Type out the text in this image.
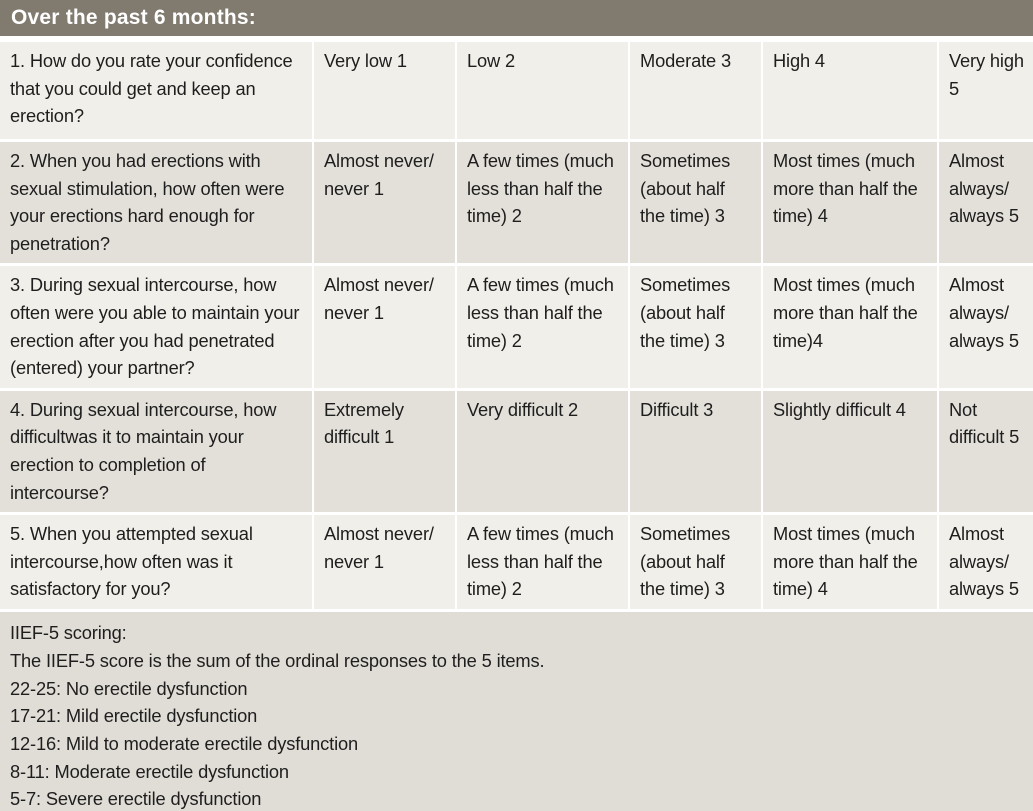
Over the past 6 months:
1. How do you rate your confidence that you could get and keep an erection?	Very low 1	Low 2	Moderate 3	High 4	Very high 5
2. When you had erections with sexual stimulation, how often were your erections hard enough for penetration?	Almost never/ never 1	A few times (much less than half the time) 2	Sometimes (about half the time) 3	Most times (much more than half the time) 4	Almost always/ always 5
3. During sexual intercourse, how often were you able to maintain your erection after you had penetrated (entered) your partner?	Almost never/ never 1	A few times (much less than half the time) 2	Sometimes (about half the time) 3	Most times (much more than half the time)4	Almost always/ always 5
4. During sexual intercourse, how difficultwas it to maintain your erection to completion of intercourse?	Extremely difficult 1	Very difficult 2	Difficult 3	Slightly difficult 4	Not difficult 5
5. When you attempted sexual intercourse,how often was it satisfactory for you?	Almost never/ never 1	A few times (much less than half the time) 2	Sometimes (about half the time) 3	Most times (much more than half the time) 4	Almost always/ always 5
IIEF-5 scoring:
The IIEF-5 score is the sum of the ordinal responses to the 5 items.
22-25: No erectile dysfunction
17-21: Mild erectile dysfunction
12-16: Mild to moderate erectile dysfunction
8-11: Moderate erectile dysfunction
5-7: Severe erectile dysfunction
